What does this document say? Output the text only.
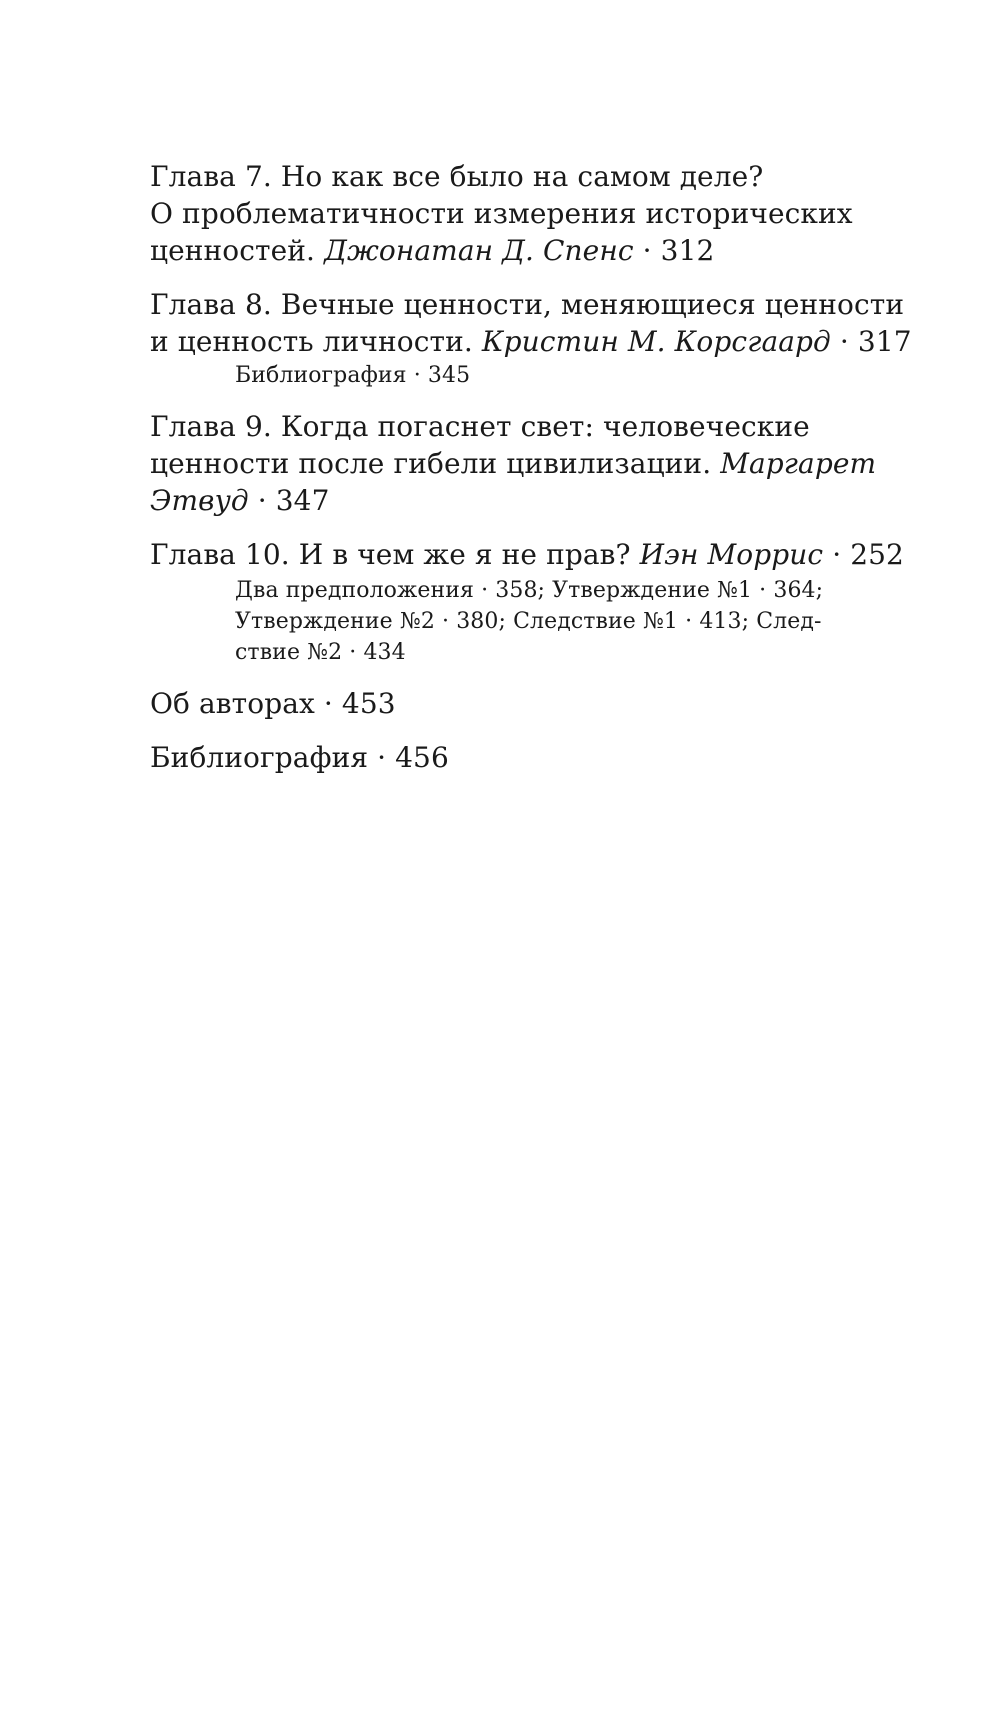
Глава 7. Но как все было на самом деле?
О проблематичности измерения исторических
ценностей. Джонатан Д. Спенс · 312
Глава 8. Вечные ценности, меняющиеся ценности
и ценность личности. Кристин М. Корсгаард · 317
Библиография · 345
Глава 9. Когда погаснет свет: человеческие
ценности после гибели цивилизации. Маргарет
Этвуд · 347
Глава 10. И в чем же я не прав? Иэн Моррис · 252
Два предположения · 358; Утверждение №1 · 364;
Утверждение №2 · 380; Следствие №1 · 413; След-
ствие №2 · 434
Об авторах · 453
Библиография · 456
